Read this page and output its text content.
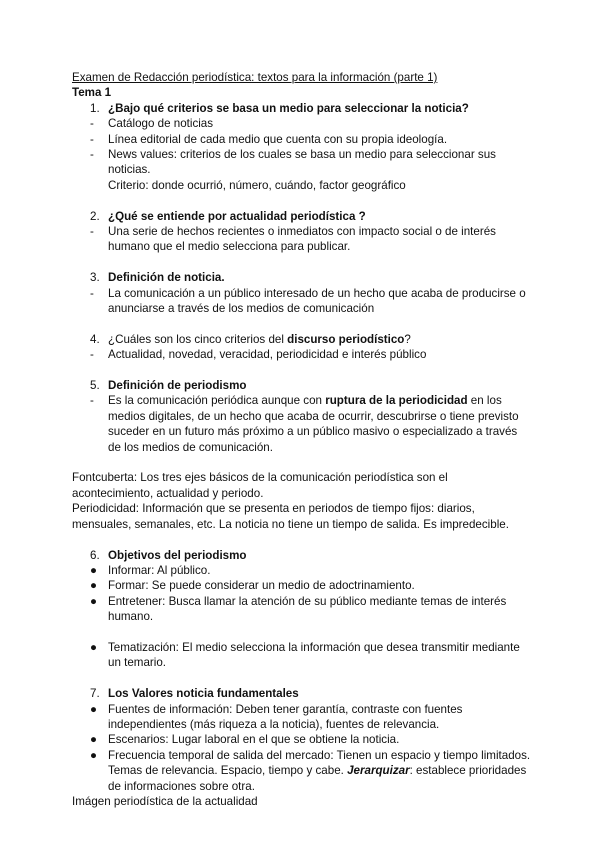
Examen de Redacción periodística: textos para la información (parte 1)

Tema 1

1. ¿Bajo qué criterios se basa un medio para seleccionar la noticia?

- Catálogo de noticias

- Línea editorial de cada medio que cuenta con su propia ideología.

- News values: criterios de los cuales se basa un medio para seleccionar sus noticias.

Criterio: donde ocurrió, número, cuándo, factor geográfico

2. ¿Qué se entiende por actualidad periodística ?

- Una serie de hechos recientes o inmediatos con impacto social o de interés humano que el medio selecciona para publicar.

3. Definición de noticia.

- La comunicación a un público interesado de un hecho que acaba de producirse o anunciarse a través de los medios de comunicación

4. ¿Cuáles son los cinco criterios del discurso periodístico?

- Actualidad, novedad, veracidad, periodicidad e interés público

5. Definición de periodismo

- Es la comunicación periódica aunque con ruptura de la periodicidad en los medios digitales, de un hecho que acaba de ocurrir, descubrirse o tiene previsto suceder en un futuro más próximo a un público masivo o especializado a través de los medios de comunicación.

Fontcuberta: Los tres ejes básicos de la comunicación periodística son el acontecimiento, actualidad y periodo.

Periodicidad: Información que se presenta en periodos de tiempo fijos: diarios, mensuales, semanales, etc. La noticia no tiene un tiempo de salida. Es impredecible.

6. Objetivos del periodismo

● Informar: Al público.

● Formar: Se puede considerar un medio de adoctrinamiento.

● Entretener: Busca llamar la atención de su público mediante temas de interés humano.

● Tematización: El medio selecciona la información que desea transmitir mediante un temario.

7. Los Valores noticia fundamentales

● Fuentes de información: Deben tener garantía, contraste con fuentes independientes (más riqueza a la noticia), fuentes de relevancia.

● Escenarios: Lugar laboral en el que se obtiene la noticia.

● Frecuencia temporal de salida del mercado: Tienen un espacio y tiempo limitados. Temas de relevancia. Espacio, tiempo y cabe. Jerarquizar: establece prioridades de informaciones sobre otra.

Imágen periodística de la actualidad
